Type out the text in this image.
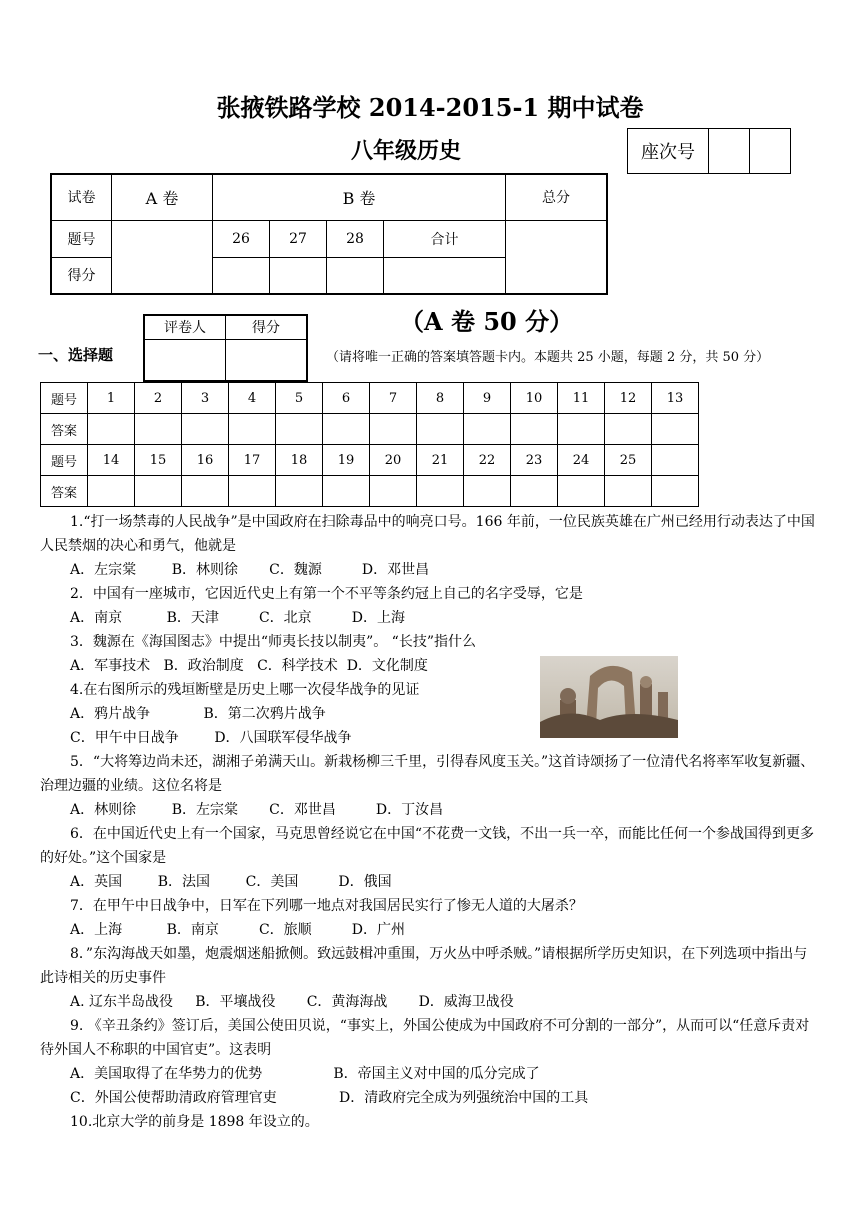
张掖铁路学校 2014-2015-1 期中试卷
八年级历史	座次号		
试卷	A 卷	B 卷				总分
题号		26	27	28	合计	
得分						
（A 卷 50 分）
一、选择题
评卷人	得分

（请将唯一正确的答案填答题卡内。本题共 25 小题，每题 2 分，共 50 分）
题号	1	2	3	4	5	6	7	8	9	10	11	12	13
答案													
题号	14	15	16	17	18	19	20	21	22	23	24	25	
答案													
1.“打一场禁毒的人民战争”是中国政府在扫除毒品中的响亮口号。166 年前，一位民族英雄在广州已经用行动表达了中国人民禁烟的决心和勇气，他就是
A．左宗棠        B．林则徐       C．魏源         D．邓世昌
2．中国有一座城市，它因近代史上有第一个不平等条约冠上自己的名字受辱，它是
A．南京          B．天津         C．北京         D．上海
3．魏源在《海国图志》中提出“师夷长技以制夷”。 “长技”指什么
A．军事技术   B．政治制度   C．科学技术  D．文化制度
4.在右图所示的残垣断壁是历史上哪一次侵华战争的见证
A．鸦片战争            B．第二次鸦片战争
C．甲午中日战争        D．八国联军侵华战争
5．“大将筹边尚未还，湖湘子弟满天山。新栽杨柳三千里，引得春风度玉关。”这首诗颂扬了一位清代名将率军收复新疆、治理边疆的业绩。这位名将是
A．林则徐        B．左宗棠       C．邓世昌         D．丁汝昌
6．在中国近代史上有一个国家，马克思曾经说它在中国“不花费一文钱，不出一兵一卒，而能比任何一个参战国得到更多的好处。”这个国家是
A．英国        B．法国        C．美国         D．俄国
7．在甲午中日战争中，日军在下列哪一地点对我国居民实行了惨无人道的大屠杀？
A．上海          B．南京         C．旅顺         D．广州
8．”东沟海战天如墨，炮震烟迷船掀侧。致远鼓楫冲重围，万火丛中呼杀贼。”请根据所学历史知识，在下列选项中指出与此诗相关的历史事件
A. 辽东半岛战役     B．平壤战役       C．黄海海战       D．威海卫战役
9. 《辛丑条约》签订后，美国公使田贝说，“事实上，外国公使成为中国政府不可分割的一部分”，从而可以“任意斥责对待外国人不称职的中国官吏”。这表明
A．美国取得了在华势力的优势                B．帝国主义对中国的瓜分完成了
C．外国公使帮助清政府管理官吏              D．清政府完全成为列强统治中国的工具
10.北京大学的前身是 1898 年设立的。
